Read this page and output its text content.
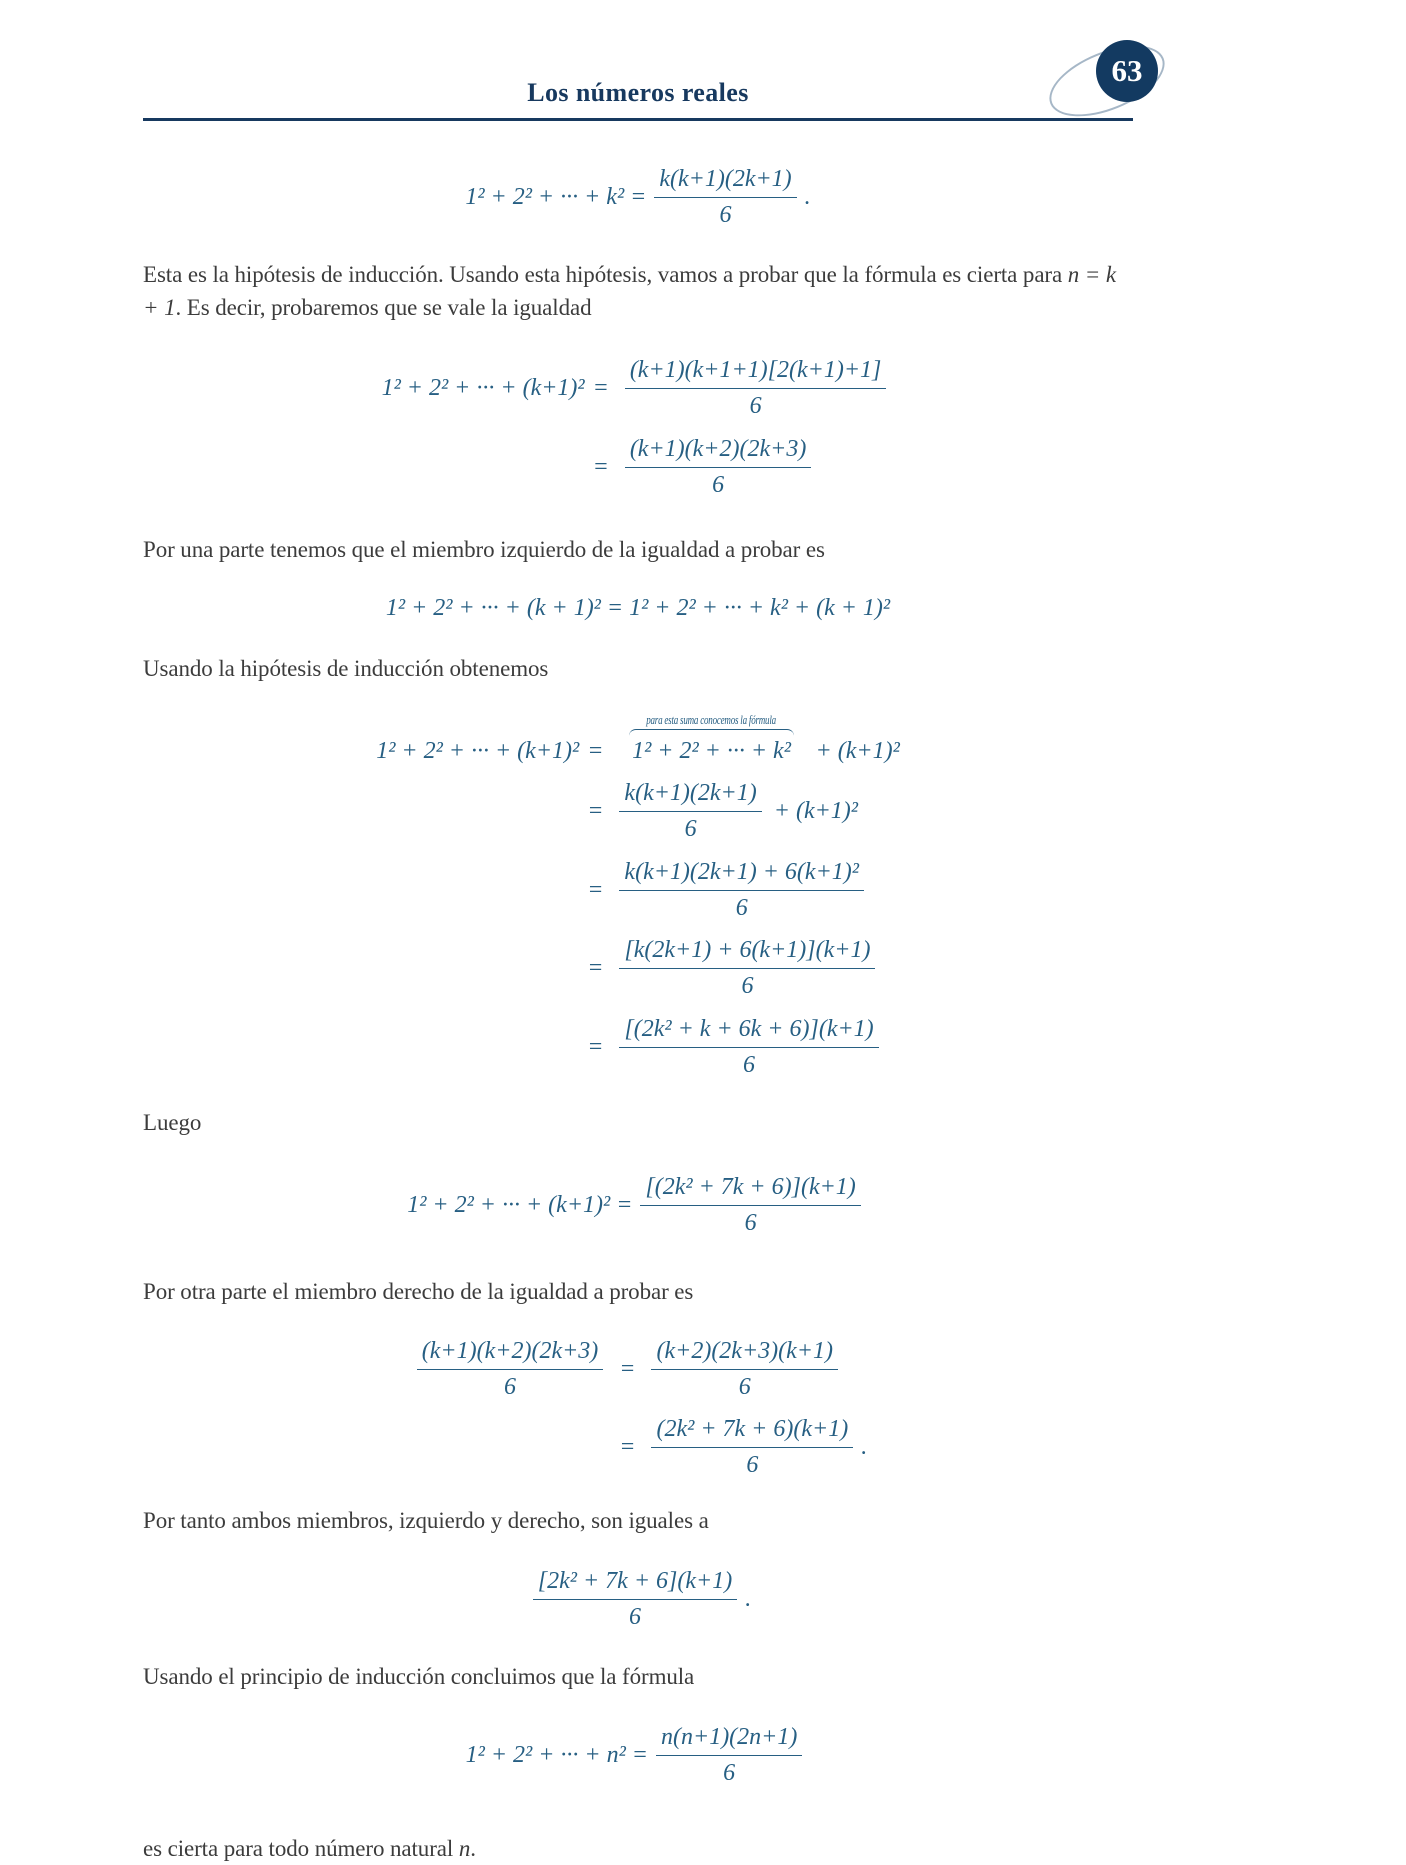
63
Los números reales
1² + 2² + ··· + $k^2 = \frac{k(k+1)(2k+1)}{6}$ .

Esta es la hipótesis de inducción. Usando esta hipótesis, vamos a probar que la fórmula es cierta para n = k + 1. Es decir, probaremos que se vale la igualdad

1² + 2² + ··· + $(k+1)^2 = \frac{(k+1)(k+1+1)[2(k+1)+1]}{6}$
= $\frac{(k+1)(k+2)(2k+3)}{6}$

Por una parte tenemos que el miembro izquierdo de la igualdad a probar es

1² + 2² + ··· + (k + 1)² = 1² + 2² + ··· + k² + (k + 1)²

Usando la hipótesis de inducción obtenemos

1² + 2² + ··· + (k+1)² =
para esta suma conocemos la fórmula
1² + 2² + ··· + k² + (k+1)²
= $\frac{k(k+1)(2k+1)}{6} + (k+1)^2$
= $\frac{\text{k(k+1)(2k+1) + 6(k+1)²}}{6}$
= $\frac{[k(2k+1) + 6(k+1)](k+1)}{6}$
= $\frac{\text{[(2k² + k + 6k + 6)](k+1)}}{6}$

Luego

1² + 2² + ··· + $(k+1)^2 = \frac{\text{[(2k² + 7k + 6)](k+1)}}{6}$

Por otra parte el miembro derecho de la igualdad a probar es

$\frac{(k+1)(k+2)(2k+3)}{6} = \frac{(k+2)(2k+3)(k+1)}{6}$
= $\frac{\text{(2k² + 7k + 6)(k+1)}}{6}$ .

Por tanto ambos miembros, izquierdo y derecho, son iguales a

$\frac{\text{[2k² + 7k + 6](k+1)}}{6}$ .

Usando el principio de inducción concluimos que la fórmula

1² + 2² + ··· + $n^2 = \frac{n(n+1)(2n+1)}{6}$

es cierta para todo número natural n.
